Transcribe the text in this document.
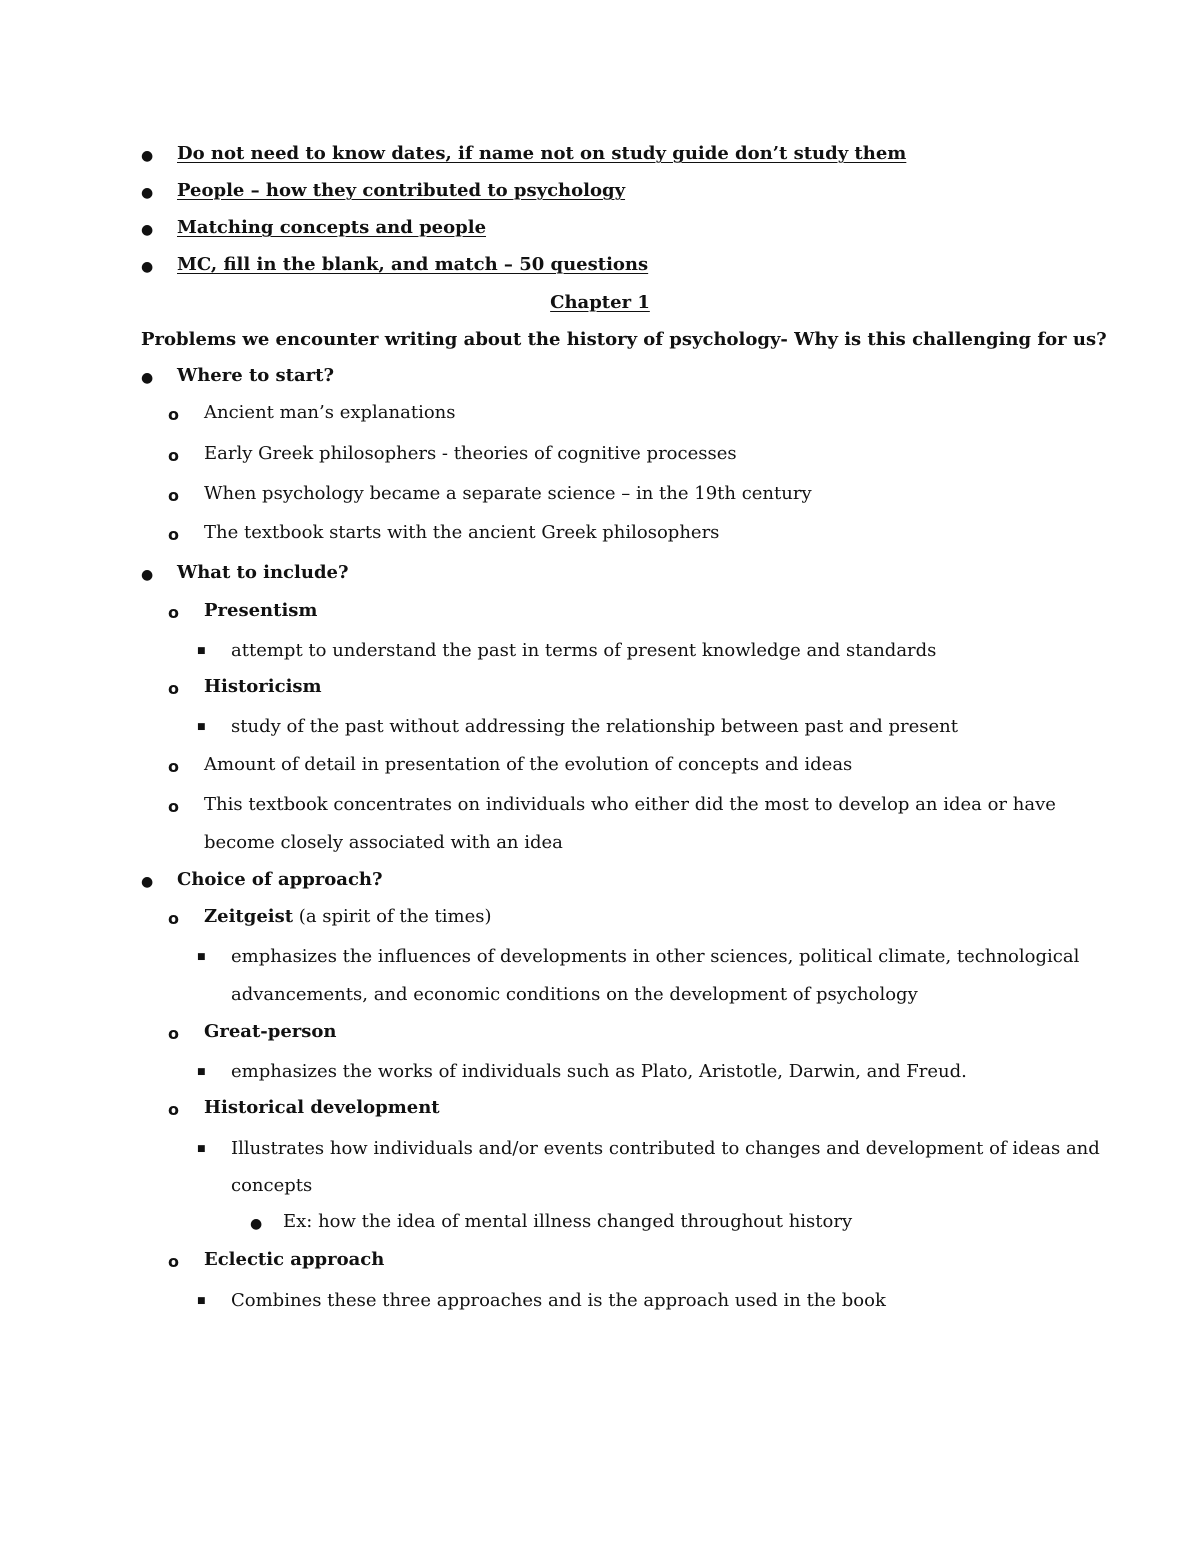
● Do not need to know dates, if name not on study guide don’t study them
● People – how they contributed to psychology
● Matching concepts and people
● MC, fill in the blank, and match – 50 questions
Chapter 1
Problems we encounter writing about the history of psychology- Why is this challenging for us?
● Where to start?
o Ancient man’s explanations
o Early Greek philosophers - theories of cognitive processes
o When psychology became a separate science – in the 19th century
o The textbook starts with the ancient Greek philosophers
● What to include?
o Presentism
■ attempt to understand the past in terms of present knowledge and standards
o Historicism
■ study of the past without addressing the relationship between past and present
o Amount of detail in presentation of the evolution of concepts and ideas
o This textbook concentrates on individuals who either did the most to develop an idea or have
become closely associated with an idea
● Choice of approach?
o Zeitgeist (a spirit of the times)
■ emphasizes the influences of developments in other sciences, political climate, technological
advancements, and economic conditions on the development of psychology
o Great-person
■ emphasizes the works of individuals such as Plato, Aristotle, Darwin, and Freud.
o Historical development
■ Illustrates how individuals and/or events contributed to changes and development of ideas and
concepts
● Ex: how the idea of mental illness changed throughout history
o Eclectic approach
■ Combines these three approaches and is the approach used in the book
